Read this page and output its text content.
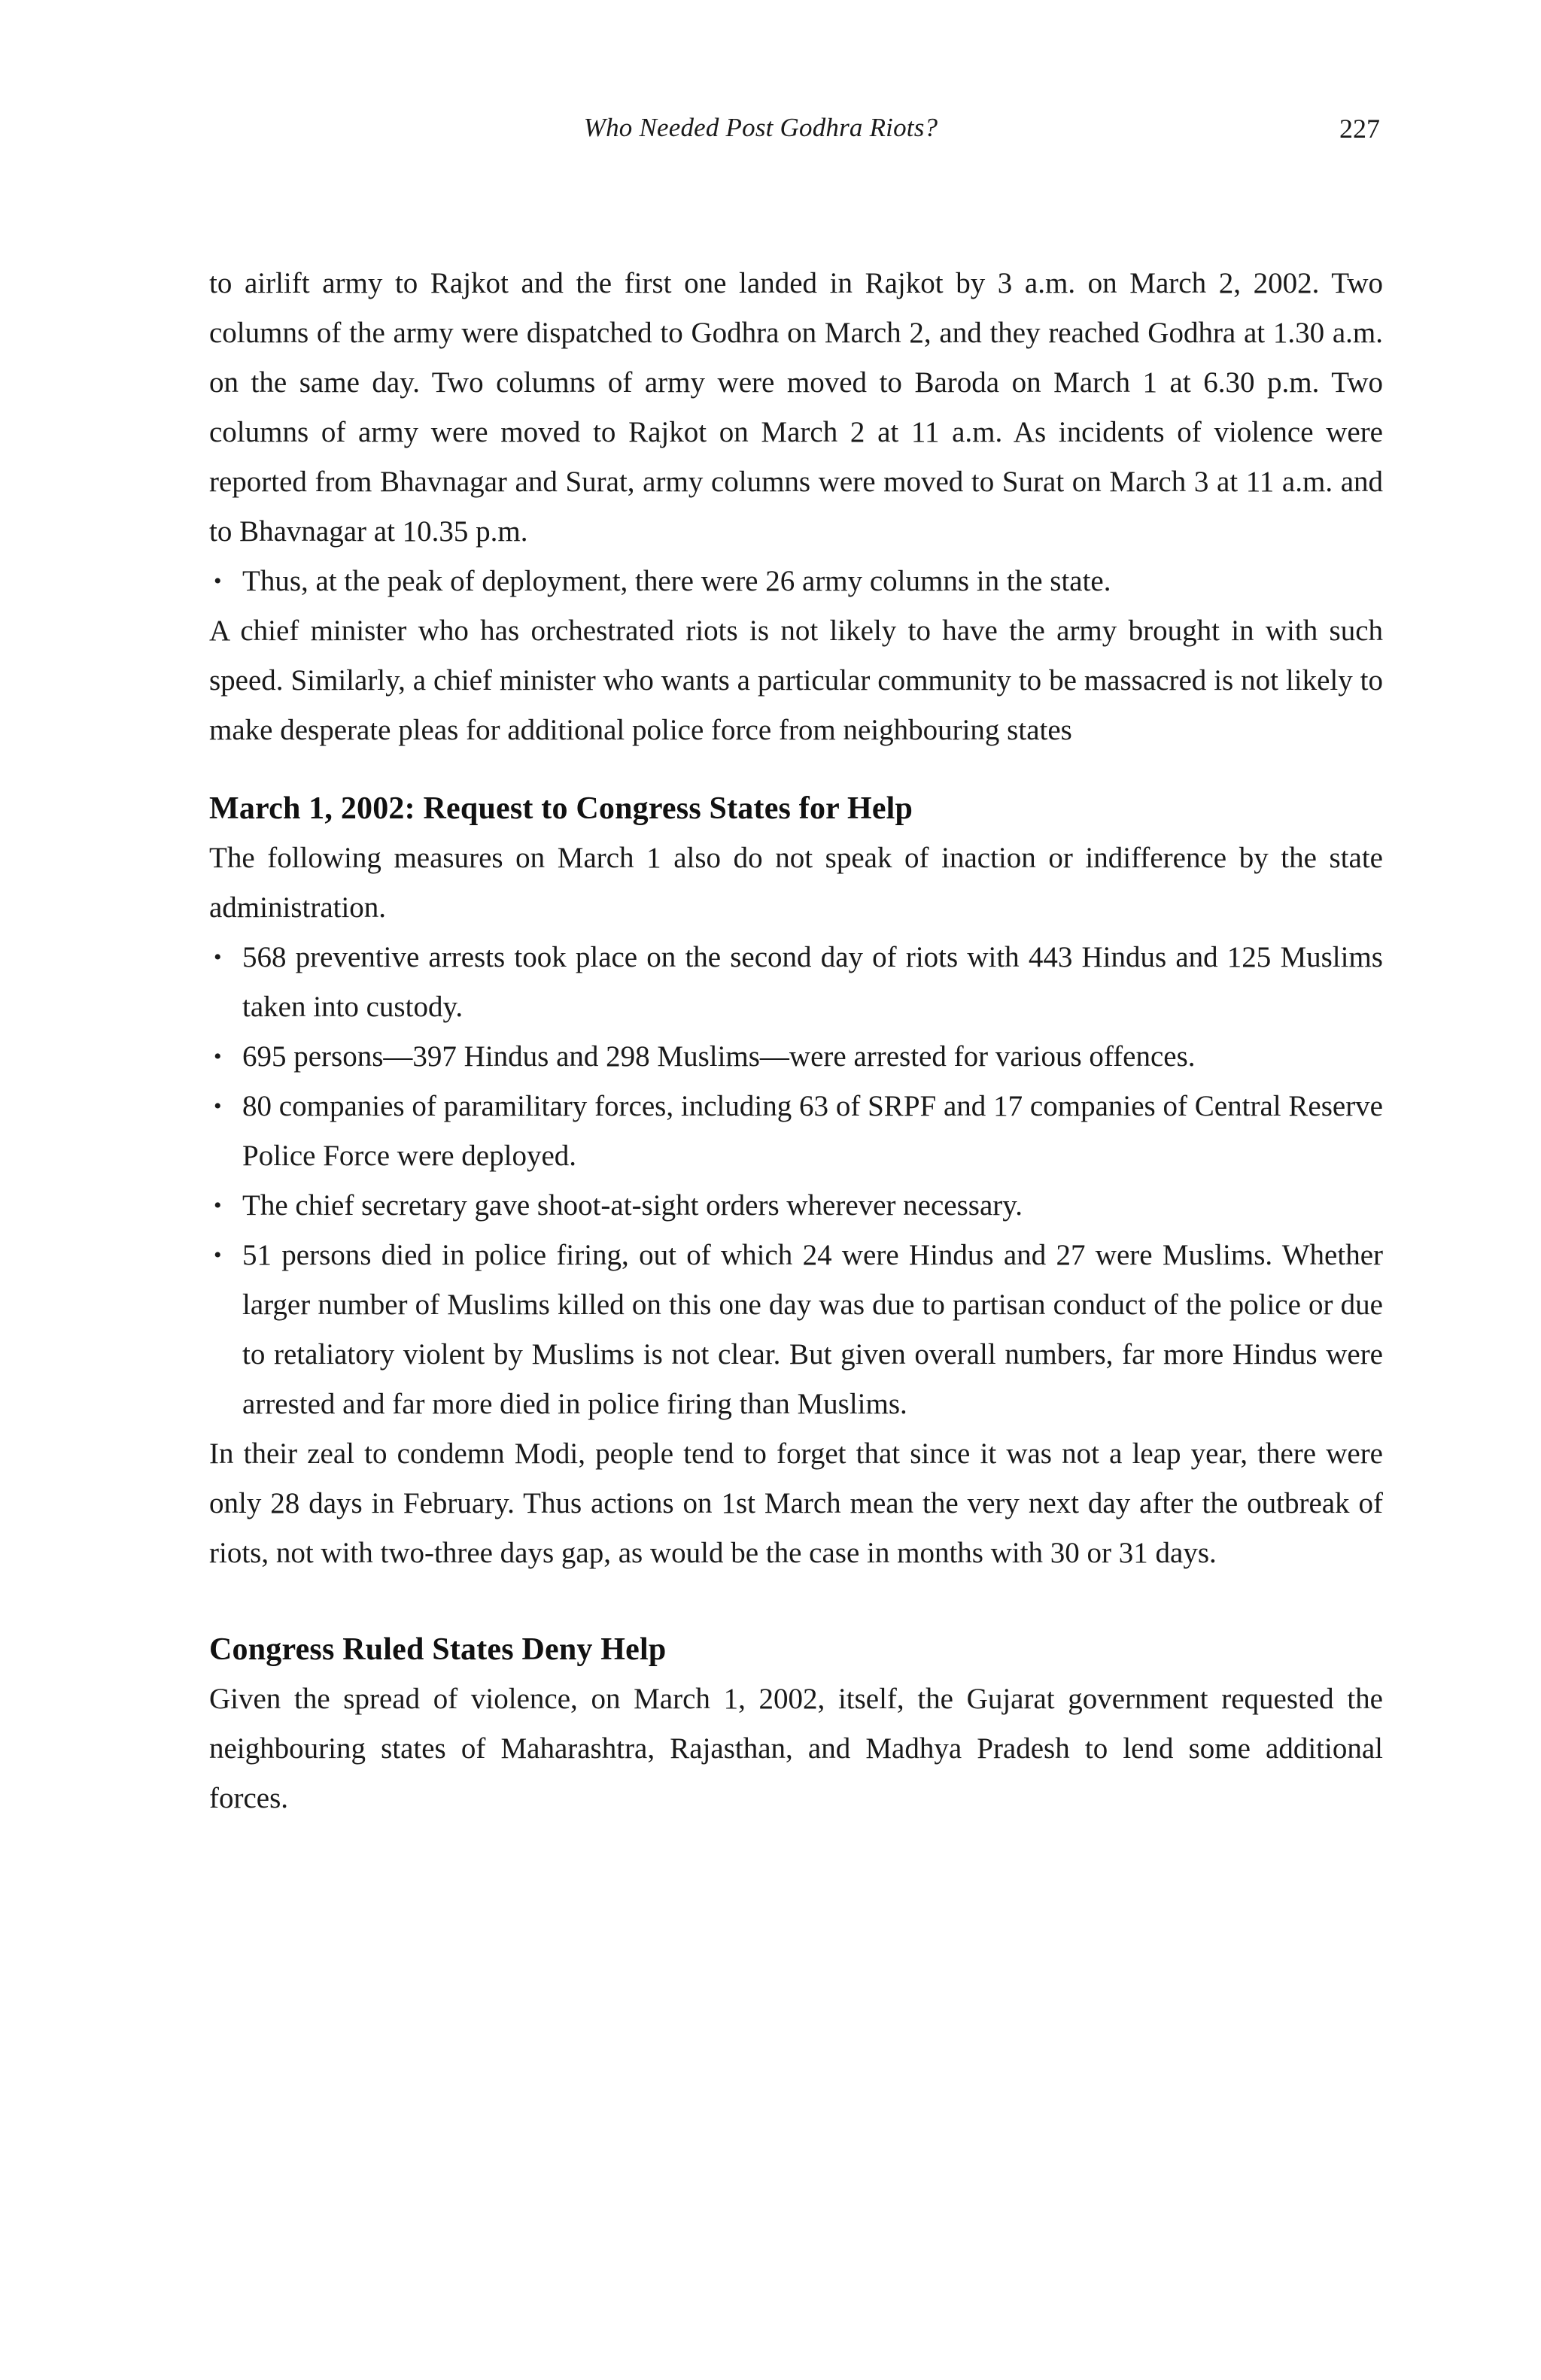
Who Needed Post Godhra Riots?	227

to airlift army to Rajkot and the first one landed in Rajkot by 3 a.m. on March 2, 2002. Two columns of the army were dispatched to Godhra on March 2, and they reached Godhra at 1.30 a.m. on the same day. Two columns of army were moved to Baroda on March 1 at 6.30 p.m. Two columns of army were moved to Rajkot on March 2 at 11 a.m. As incidents of violence were reported from Bhavnagar and Surat, army columns were moved to Surat on March 3 at 11 a.m. and to Bhavnagar at 10.35 p.m.

• Thus, at the peak of deployment, there were 26 army columns in the state.

A chief minister who has orchestrated riots is not likely to have the army brought in with such speed. Similarly, a chief minister who wants a particular community to be massacred is not likely to make desperate pleas for additional police force from neighbouring states

March 1, 2002: Request to Congress States for Help

The following measures on March 1 also do not speak of inaction or indifference by the state administration.

• 568 preventive arrests took place on the second day of riots with 443 Hindus and 125 Muslims taken into custody.
• 695 persons—397 Hindus and 298 Muslims—were arrested for various offences.
• 80 companies of paramilitary forces, including 63 of SRPF and 17 companies of Central Reserve Police Force were deployed.
• The chief secretary gave shoot-at-sight orders wherever necessary.
• 51 persons died in police firing, out of which 24 were Hindus and 27 were Muslims. Whether larger number of Muslims killed on this one day was due to partisan conduct of the police or due to retaliatory violent by Muslims is not clear. But given overall numbers, far more Hindus were arrested and far more died in police firing than Muslims.

In their zeal to condemn Modi, people tend to forget that since it was not a leap year, there were only 28 days in February. Thus actions on 1st March mean the very next day after the outbreak of riots, not with two-three days gap, as would be the case in months with 30 or 31 days.

Congress Ruled States Deny Help

Given the spread of violence, on March 1, 2002, itself, the Gujarat government requested the neighbouring states of Maharashtra, Rajasthan, and Madhya Pradesh to lend some additional forces.
